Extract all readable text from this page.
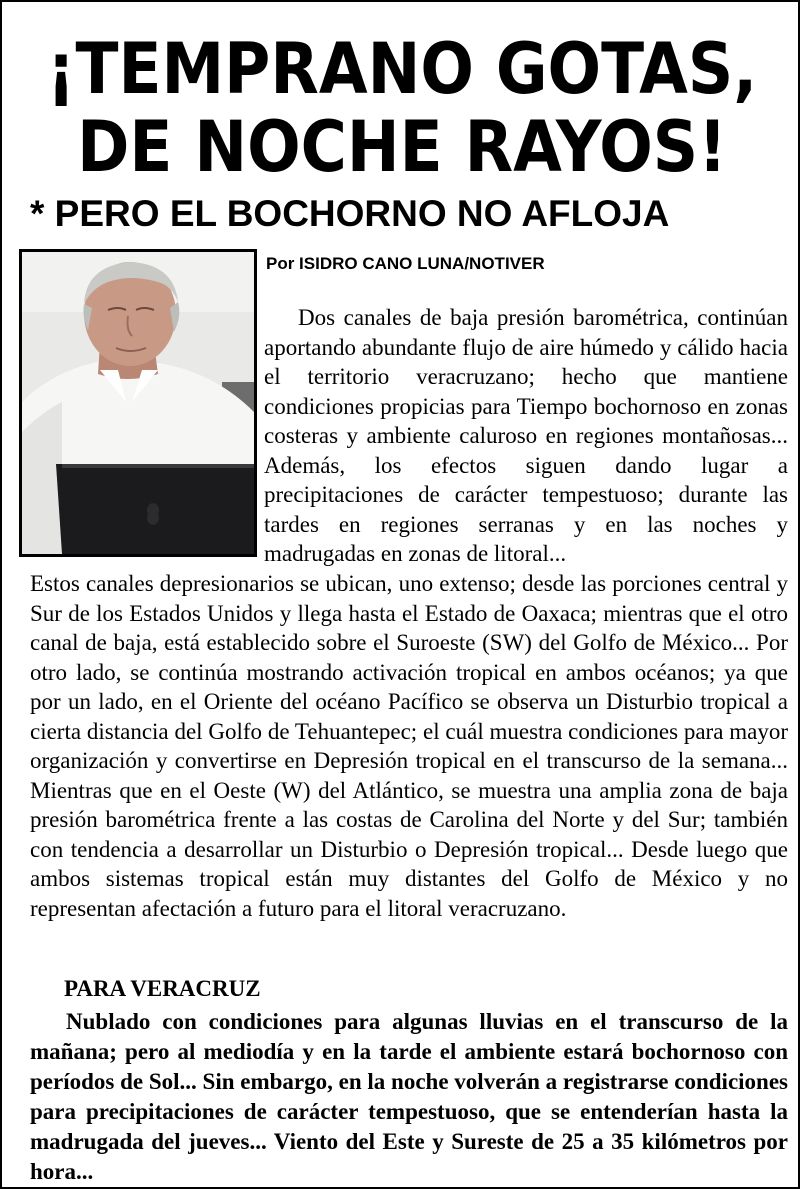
¡TEMPRANO GOTAS,
DE NOCHE RAYOS!
* PERO EL BOCHORNO NO AFLOJA
Por ISIDRO CANO LUNA/NOTIVER

Dos canales de baja presión barométrica, continúan aportando abundante flujo de aire húmedo y cálido hacia el territorio veracruzano; hecho que mantiene condiciones propicias para Tiempo bochornoso en zonas costeras y ambiente caluroso en regiones montañosas... Además, los efectos siguen dando lugar a precipitaciones de carácter tempestuoso; durante las tardes en regiones serranas y en las noches y madrugadas en zonas de litoral...

Estos canales depresionarios se ubican, uno extenso; desde las porciones central y Sur de los Estados Unidos y llega hasta el Estado de Oaxaca; mientras que el otro canal de baja, está establecido sobre el Suroeste (SW) del Golfo de México... Por otro lado, se continúa mostrando activación tropical en ambos océanos; ya que por un lado, en el Oriente del océano Pacífico se observa un Disturbio tropical a cierta distancia del Golfo de Tehuantepec; el cuál muestra condiciones para mayor organización y convertirse en Depresión tropical en el transcurso de la semana... Mientras que en el Oeste (W) del Atlántico, se muestra una amplia zona de baja presión barométrica frente a las costas de Carolina del Norte y del Sur; también con tendencia a desarrollar un Disturbio o Depresión tropical... Desde luego que ambos sistemas tropical están muy distantes del Golfo de México y no representan afectación a futuro para el litoral veracruzano.

PARA VERACRUZ

Nublado con condiciones para algunas lluvias en el transcurso de la mañana; pero al mediodía y en la tarde el ambiente estará bochornoso con períodos de Sol... Sin embargo, en la noche volverán a registrarse condiciones para precipitaciones de carácter tempestuoso, que se entenderían hasta la madrugada del jueves... Viento del Este y Sureste de 25 a 35 kilómetros por hora...
